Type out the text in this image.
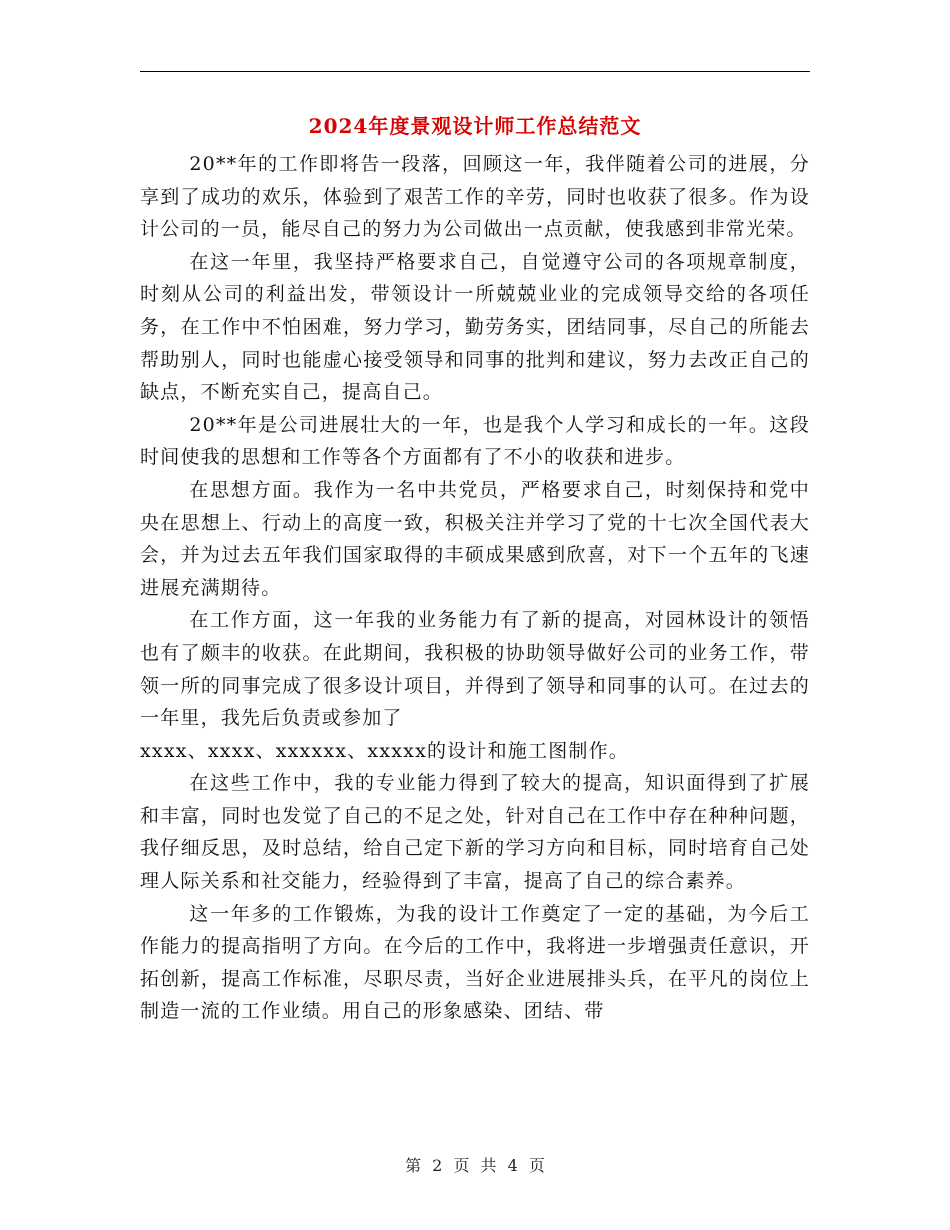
2024年度景观设计师工作总结范文

20**年的工作即将告一段落，回顾这一年，我伴随着公司的进展，分享到了成功的欢乐，体验到了艰苦工作的辛劳，同时也收获了很多。作为设计公司的一员，能尽自己的努力为公司做出一点贡献，使我感到非常光荣。

在这一年里，我坚持严格要求自己，自觉遵守公司的各项规章制度，时刻从公司的利益出发，带领设计一所兢兢业业的完成领导交给的各项任务，在工作中不怕困难，努力学习，勤劳务实，团结同事，尽自己的所能去帮助别人，同时也能虚心接受领导和同事的批判和建议，努力去改正自己的缺点，不断充实自己，提高自己。

20**年是公司进展壮大的一年，也是我个人学习和成长的一年。这段时间使我的思想和工作等各个方面都有了不小的收获和进步。

在思想方面。我作为一名中共党员，严格要求自己，时刻保持和党中央在思想上、行动上的高度一致，积极关注并学习了党的十七次全国代表大会，并为过去五年我们国家取得的丰硕成果感到欣喜，对下一个五年的飞速进展充满期待。

在工作方面，这一年我的业务能力有了新的提高，对园林设计的领悟也有了颇丰的收获。在此期间，我积极的协助领导做好公司的业务工作，带领一所的同事完成了很多设计项目，并得到了领导和同事的认可。在过去的一年里，我先后负责或参加了

xxxx、xxxx、xxxxxx、xxxxx的设计和施工图制作。

在这些工作中，我的专业能力得到了较大的提高，知识面得到了扩展和丰富，同时也发觉了自己的不足之处，针对自己在工作中存在种种问题，我仔细反思，及时总结，给自己定下新的学习方向和目标，同时培育自己处理人际关系和社交能力，经验得到了丰富，提高了自己的综合素养。

这一年多的工作锻炼，为我的设计工作奠定了一定的基础，为今后工作能力的提高指明了方向。在今后的工作中，我将进一步增强责任意识，开拓创新，提高工作标准，尽职尽责，当好企业进展排头兵，在平凡的岗位上制造一流的工作业绩。用自己的形象感染、团结、带

第 2 页 共 4 页
